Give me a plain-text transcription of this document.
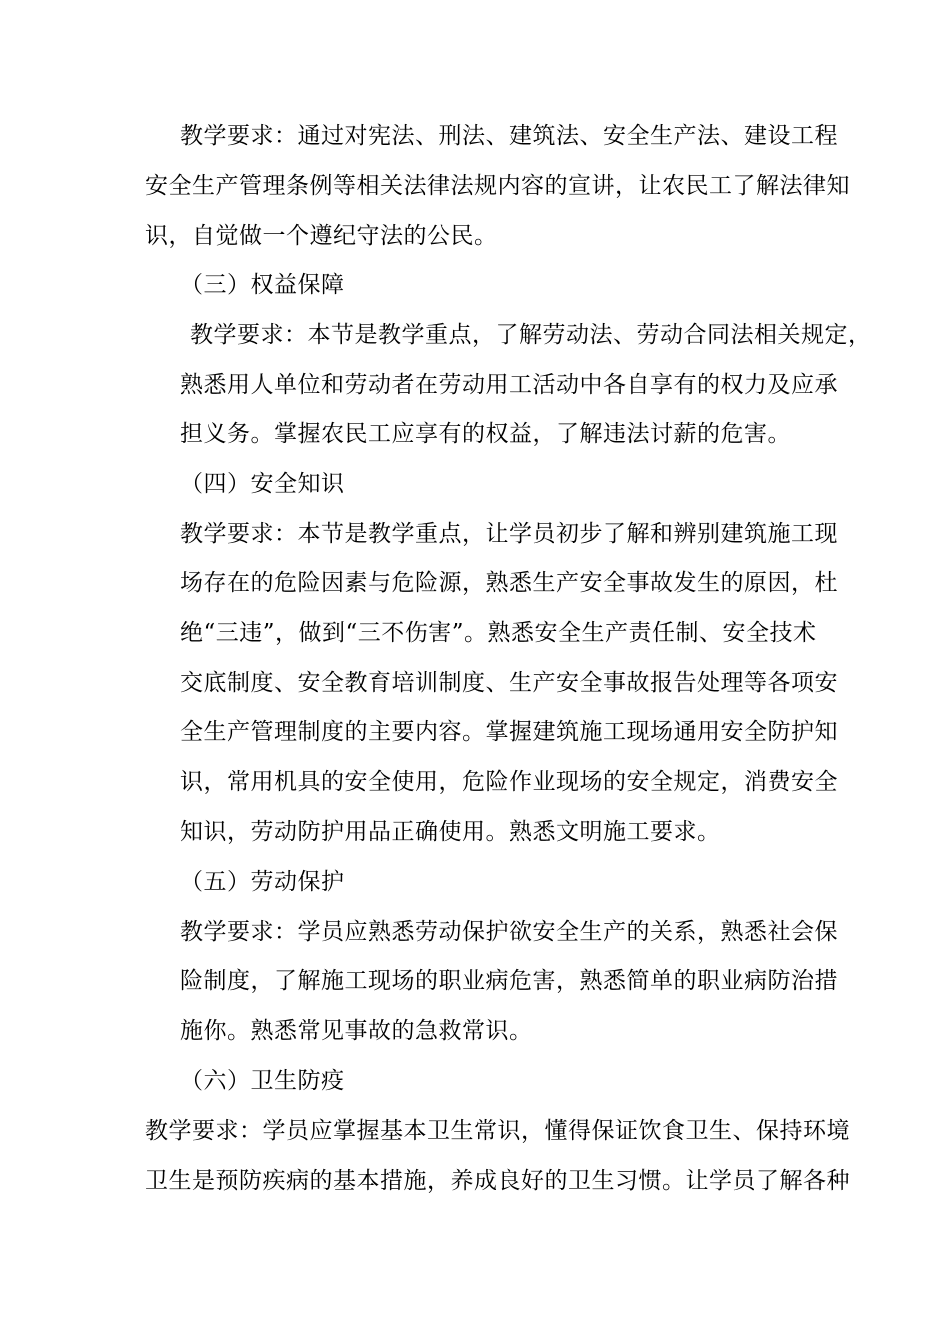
教学要求：通过对宪法、刑法、建筑法、安全生产法、建设工程
安全生产管理条例等相关法律法规内容的宣讲，让农民工了解法律知
识，自觉做一个遵纪守法的公民。
（三）权益保障
教学要求：本节是教学重点，了解劳动法、劳动合同法相关规定，
熟悉用人单位和劳动者在劳动用工活动中各自享有的权力及应承
担义务。掌握农民工应享有的权益，了解违法讨薪的危害。
（四）安全知识
教学要求：本节是教学重点，让学员初步了解和辨别建筑施工现
场存在的危险因素与危险源，熟悉生产安全事故发生的原因，杜
绝“三违”，做到“三不伤害”。熟悉安全生产责任制、安全技术
交底制度、安全教育培训制度、生产安全事故报告处理等各项安
全生产管理制度的主要内容。掌握建筑施工现场通用安全防护知
识，常用机具的安全使用，危险作业现场的安全规定，消费安全
知识，劳动防护用品正确使用。熟悉文明施工要求。
（五）劳动保护
教学要求：学员应熟悉劳动保护欲安全生产的关系，熟悉社会保
险制度，了解施工现场的职业病危害，熟悉简单的职业病防治措
施你。熟悉常见事故的急救常识。
（六）卫生防疫
教学要求：学员应掌握基本卫生常识，懂得保证饮食卫生、保持环境
卫生是预防疾病的基本措施，养成良好的卫生习惯。让学员了解各种
